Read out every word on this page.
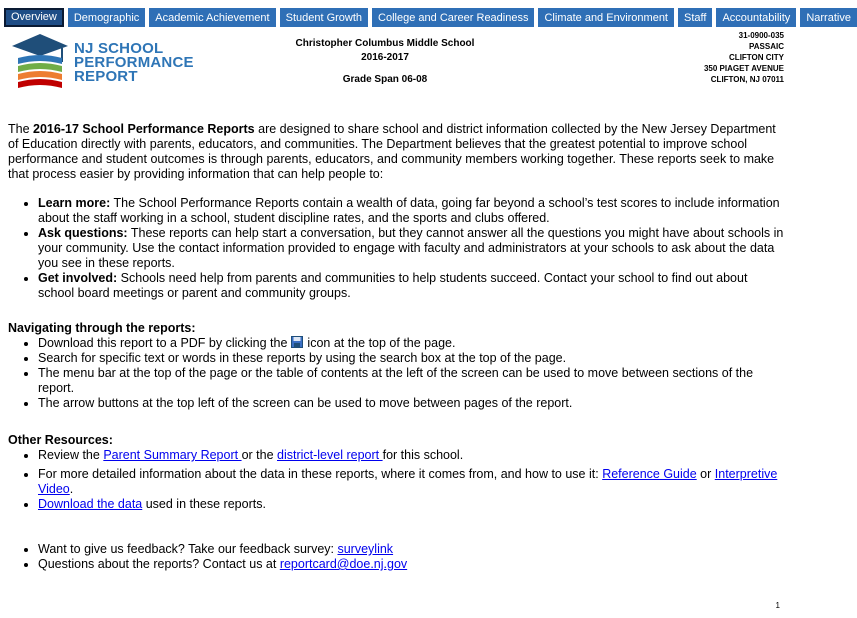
Overview	Demographic	Academic Achievement	Student Growth	College and Career Readiness	Climate and Environment	Staff	Accountability	Narrative
NJ SCHOOL
PERFORMANCE
REPORT
Christopher Columbus Middle School
2016-2017
Grade Span 06-08
31-0900-035
PASSAIC
CLIFTON CITY
350 PIAGET AVENUE
CLIFTON, NJ 07011

The 2016-17 School Performance Reports are designed to share school and district information collected by the New Jersey Department of Education directly with parents, educators, and communities. The Department believes that the greatest potential to improve school performance and student outcomes is through parents, educators, and community members working together. These reports seek to make that process easier by providing information that can help people to:

• Learn more: The School Performance Reports contain a wealth of data, going far beyond a school’s test scores to include information about the staff working in a school, student discipline rates, and the sports and clubs offered.
• Ask questions: These reports can help start a conversation, but they cannot answer all the questions you might have about schools in your community. Use the contact information provided to engage with faculty and administrators at your schools to ask about the data you see in these reports.
• Get involved: Schools need help from parents and communities to help students succeed. Contact your school to find out about school board meetings or parent and community groups.
Navigating through the reports:
• Download this report to a PDF by clicking the icon at the top of the page.
• Search for specific text or words in these reports by using the search box at the top of the page.
• The menu bar at the top of the page or the table of contents at the left of the screen can be used to move between sections of the report.
• The arrow buttons at the top left of the screen can be used to move between pages of the report.
Other Resources:
• Review the Parent Summary Report or the district-level report for this school.
• For more detailed information about the data in these reports, where it comes from, and how to use it: Reference Guide or Interpretive Video.
• Download the data used in these reports.
• Want to give us feedback? Take our feedback survey: surveylink
• Questions about the reports? Contact us at reportcard@doe.nj.gov
1
